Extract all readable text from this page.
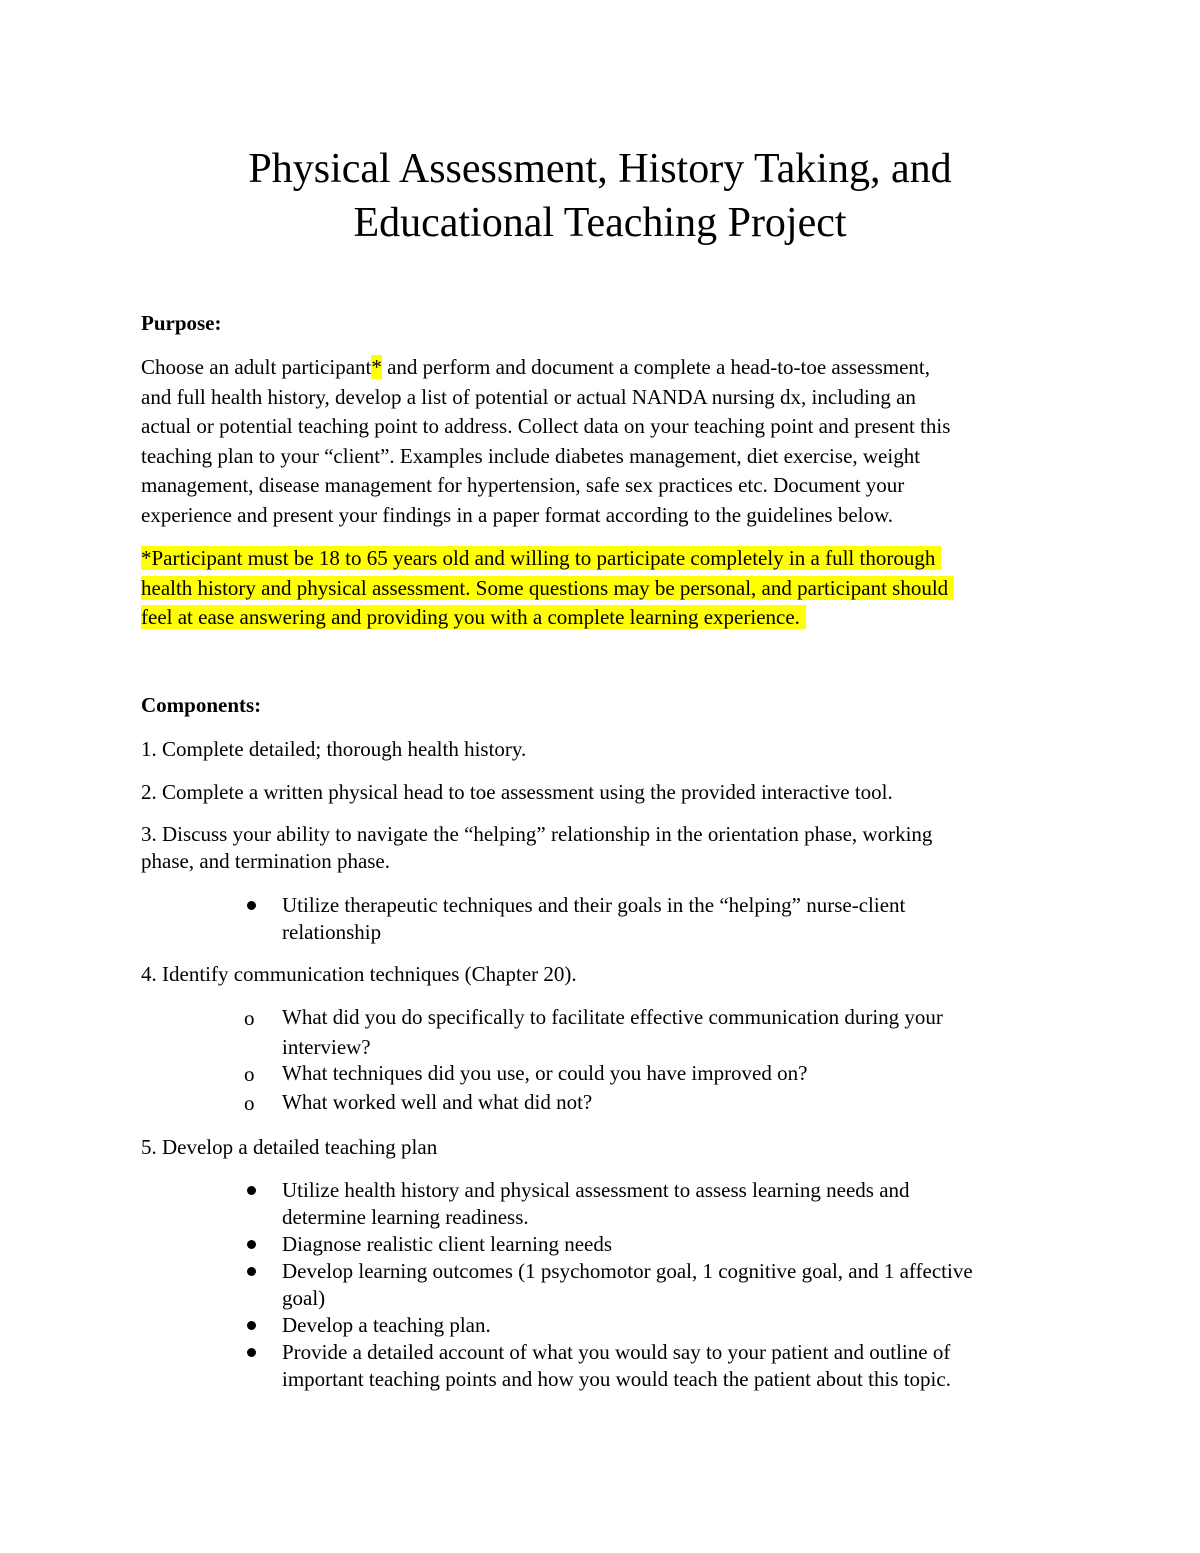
Physical Assessment, History Taking, and
Educational Teaching Project

Purpose:

Choose an adult participant* and perform and document a complete a head-to-toe assessment,
and full health history, develop a list of potential or actual NANDA nursing dx, including an
actual or potential teaching point to address. Collect data on your teaching point and present this
teaching plan to your “client”. Examples include diabetes management, diet exercise, weight
management, disease management for hypertension, safe sex practices etc. Document your
experience and present your findings in a paper format according to the guidelines below.
*Participant must be 18 to 65 years old and willing to participate completely in a full thorough
health history and physical assessment. Some questions may be personal, and participant should
feel at ease answering and providing you with a complete learning experience.

Components:

1. Complete detailed; thorough health history.

2. Complete a written physical head to toe assessment using the provided interactive tool.

3. Discuss your ability to navigate the “helping” relationship in the orientation phase, working
phase, and termination phase.
Utilize therapeutic techniques and their goals in the “helping” nurse-client
relationship

4. Identify communication techniques (Chapter 20).

o What did you do specifically to facilitate effective communication during your
interview?
o What techniques did you use, or could you have improved on?

o What worked well and what did not?

5. Develop a detailed teaching plan

Utilize health history and physical assessment to assess learning needs and
determine learning readiness.

Diagnose realistic client learning needs

Develop learning outcomes (1 psychomotor goal, 1 cognitive goal, and 1 affective
goal)

Develop a teaching plan.

Provide a detailed account of what you would say to your patient and outline of
important teaching points and how you would teach the patient about this topic.
